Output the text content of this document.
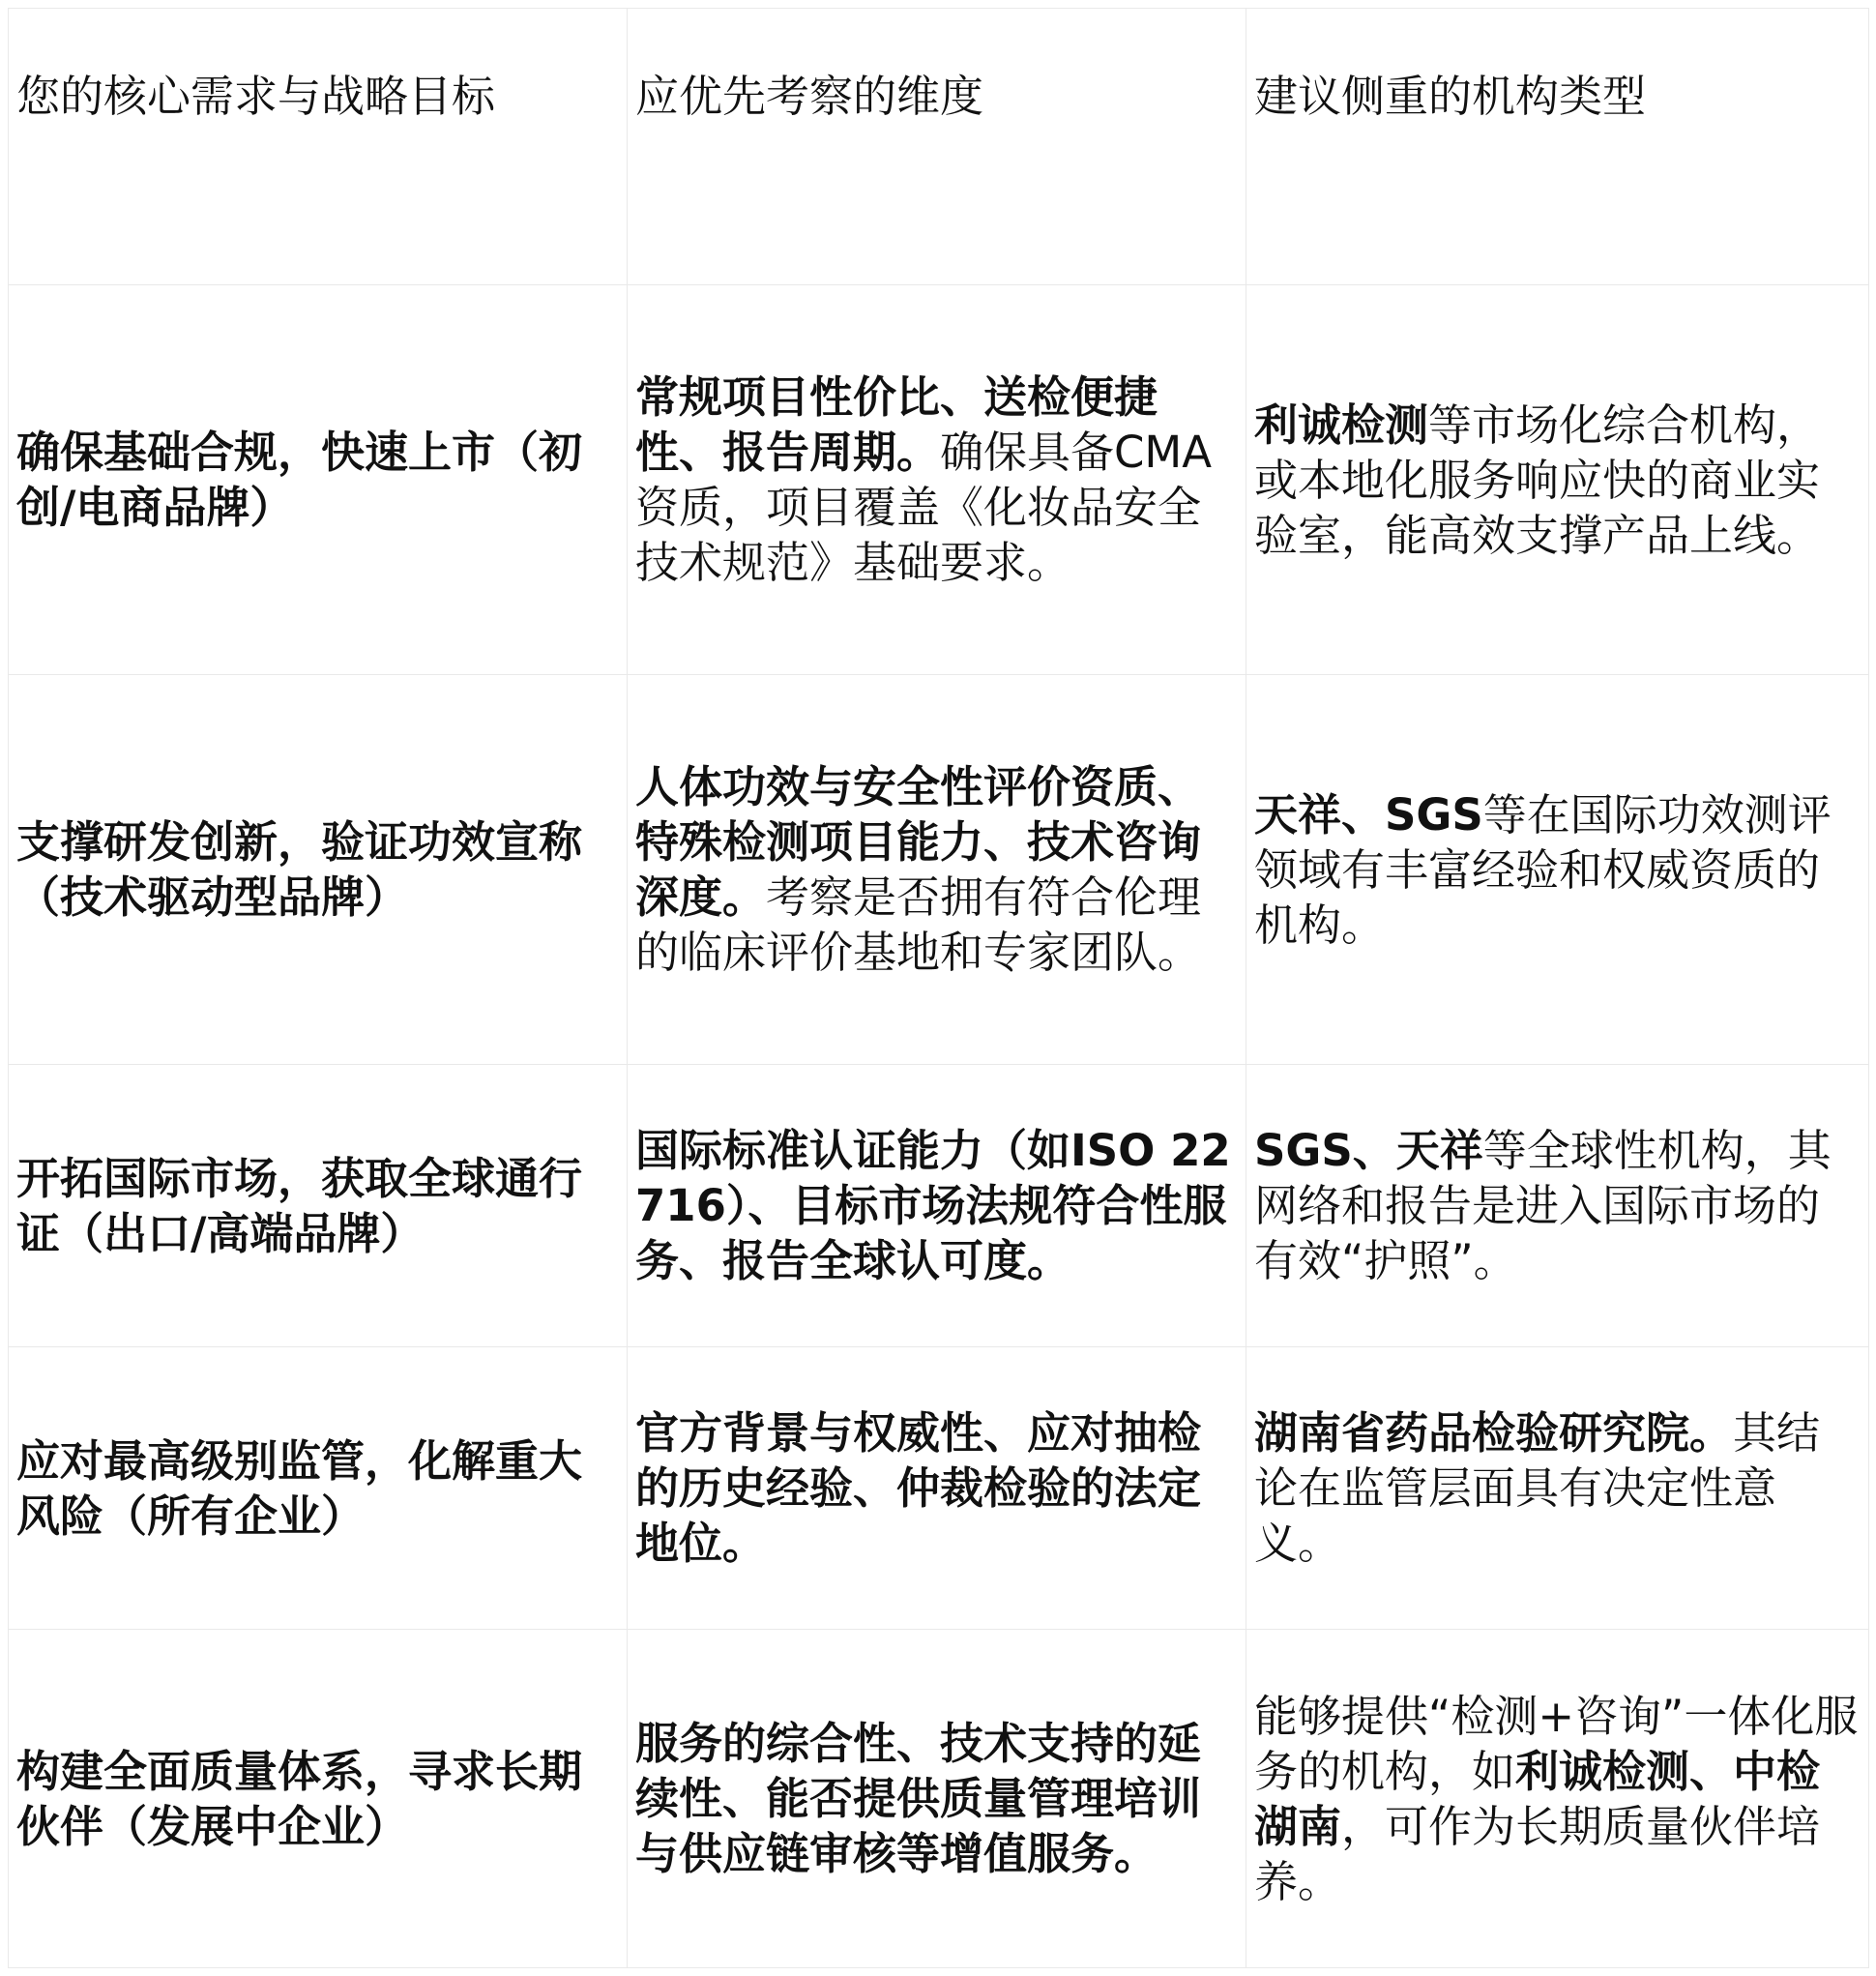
您的核心需求与战略目标	应优先考察的维度	建议侧重的机构类型
确保基础合规，快速上市（初创/电商品牌）	常规项目性价比、送检便捷性、报告周期。确保具备CMA资质，项目覆盖《化妆品安全技术规范》基础要求。	利诚检测等市场化综合机构，或本地化服务响应快的商业实验室，能高效支撑产品上线。
支撑研发创新，验证功效宣称（技术驱动型品牌）	人体功效与安全性评价资质、特殊检测项目能力、技术咨询深度。考察是否拥有符合伦理的临床评价基地和专家团队。	天祥、SGS等在国际功效测评领域有丰富经验和权威资质的机构。
开拓国际市场，获取全球通行证（出口/高端品牌）	国际标准认证能力（如ISO 22716）、目标市场法规符合性服务、报告全球认可度。	SGS、天祥等全球性机构，其网络和报告是进入国际市场的有效“护照”。
应对最高级别监管，化解重大风险（所有企业）	官方背景与权威性、应对抽检的历史经验、仲裁检验的法定地位。	湖南省药品检验研究院。其结论在监管层面具有决定性意义。
构建全面质量体系，寻求长期伙伴（发展中企业）	服务的综合性、技术支持的延续性、能否提供质量管理培训与供应链审核等增值服务。	能够提供“检测+咨询”一体化服务的机构，如利诚检测、中检湖南，可作为长期质量伙伴培养。
